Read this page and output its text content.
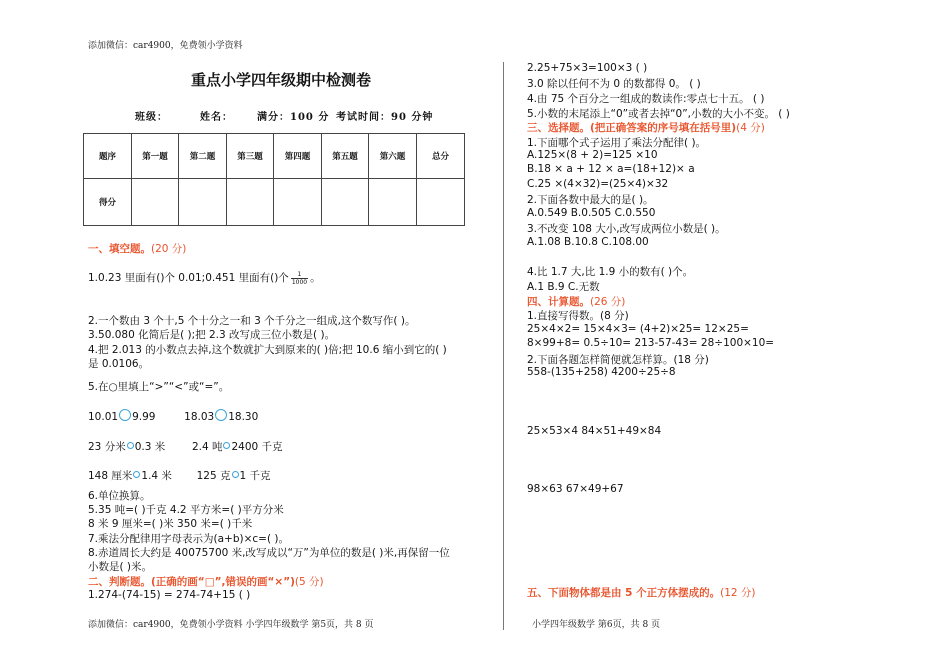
添加微信：car4900，免费领小学资料
重点小学四年级期中检测卷
班级：	姓名： 满分：100 分 考试时间：90 分钟
题序	第一题	第二题	第三题	第四题	第五题	第六题	总分
得分							
一、填空题。(20 分)
1.0.23 里面有()个 0.01;0.451 里面有()个 $\frac{1}{1000}$ 。
2.一个数由 3 个十,5 个十分之一和 3 个千分之一组成,这个数写作( )。
3.50.080 化简后是( );把 2.3 改写成三位小数是( )。
4.把 2.013 的小数点去掉,这个数就扩大到原来的( )倍;把 10.6 缩小到它的( )
是 0.0106。
5.在○里填上“>”“<”或“=”。
10.01 9.99	18.03 18.30
23 分米 0.3 米	2.4 吨 2400 千克
148 厘米 1.4 米 125 克 1 千克
6.单位换算。
5.35 吨=( )千克 4.2 平方米=( )平方分米
8 米 9 厘米=( )米 350 米=( )千米
7.乘法分配律用字母表示为(a+b)×c=( )。
8.赤道周长大约是 40075700 米,改写成以“万”为单位的数是( )米,再保留一位
小数是( )米。
二、判断题。(正确的画“□”,错误的画“×”)(5 分)
1.274-(74-15) = 274-74+15 ( )
添加微信：car4900，免费领小学资料 小学四年级数学 第5页，共 8 页
2.25+75×3=100×3 ( )
3.0 除以任何不为 0 的数都得 0。 ( )
4.由 75 个百分之一组成的数读作:零点七十五。 ( )
5.小数的末尾添上“0”或者去掉“0”,小数的大小不变。 ( )
三、选择题。(把正确答案的序号填在括号里)(4 分)
1.下面哪个式子运用了乘法分配律( )。
A.125×(8 + 2)=125 ×10
B.18 × a + 12 × a=(18+12)× a
C.25 ×(4×32)=(25×4)×32
2.下面各数中最大的是( )。
A.0.549 B.0.505 C.0.550
3.不改变 108 大小,改写成两位小数是( )。
A.1.08 B.10.8 C.108.00
4.比 1.7 大,比 1.9 小的数有( )个。
A.1 B.9 C.无数
四、计算题。(26 分)
1.直接写得数。(8 分)
25×4×2= 15×4×3= (4+2)×25= 12×25=
8×99+8= 0.5÷10= 213-57-43= 28÷100×10=
2.下面各题怎样简便就怎样算。(18 分)
558-(135+258) 4200÷25÷8
25×53×4 84×51+49×84
98×63 67×49+67
五、下面物体都是由 5 个正方体摆成的。(12 分)
小学四年级数学 第6页，共 8 页
